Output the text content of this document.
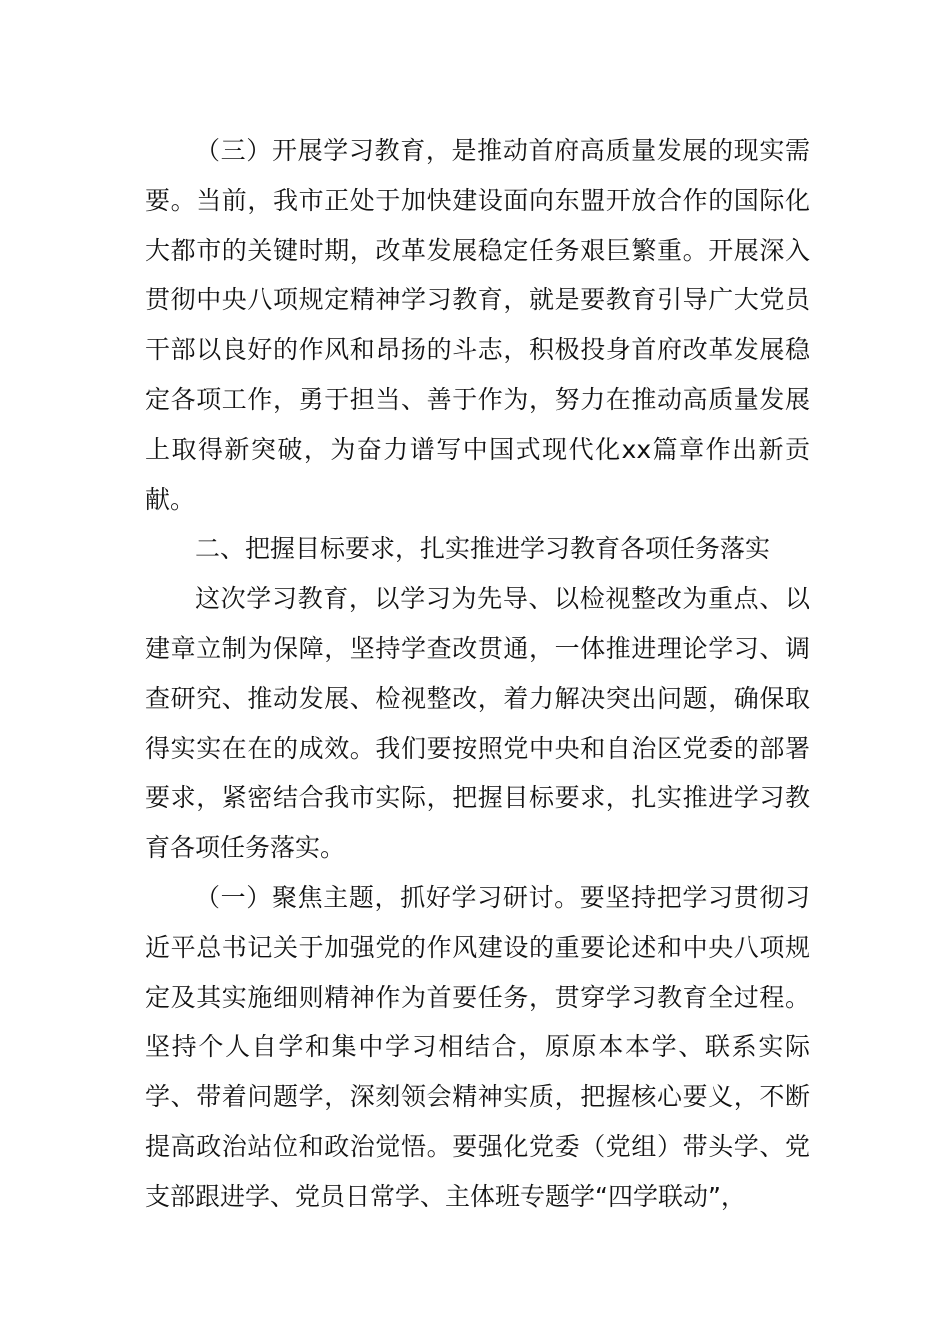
（三）开展学习教育，是推动首府高质量发展的现实需要。当前，我市正处于加快建设面向东盟开放合作的国际化大都市的关键时期，改革发展稳定任务艰巨繁重。开展深入贯彻中央八项规定精神学习教育，就是要教育引导广大党员干部以良好的作风和昂扬的斗志，积极投身首府改革发展稳定各项工作，勇于担当、善于作为，努力在推动高质量发展上取得新突破，为奋力谱写中国式现代化xx篇章作出新贡献。

二、把握目标要求，扎实推进学习教育各项任务落实

这次学习教育，以学习为先导、以检视整改为重点、以建章立制为保障，坚持学查改贯通，一体推进理论学习、调查研究、推动发展、检视整改，着力解决突出问题，确保取得实实在在的成效。我们要按照党中央和自治区党委的部署要求，紧密结合我市实际，把握目标要求，扎实推进学习教育各项任务落实。

（一）聚焦主题，抓好学习研讨。要坚持把学习贯彻习近平总书记关于加强党的作风建设的重要论述和中央八项规定及其实施细则精神作为首要任务，贯穿学习教育全过程。坚持个人自学和集中学习相结合，原原本本学、联系实际学、带着问题学，深刻领会精神实质，把握核心要义，不断提高政治站位和政治觉悟。要强化党委（党组）带头学、党支部跟进学、党员日常学、主体班专题学“四学联动”，
